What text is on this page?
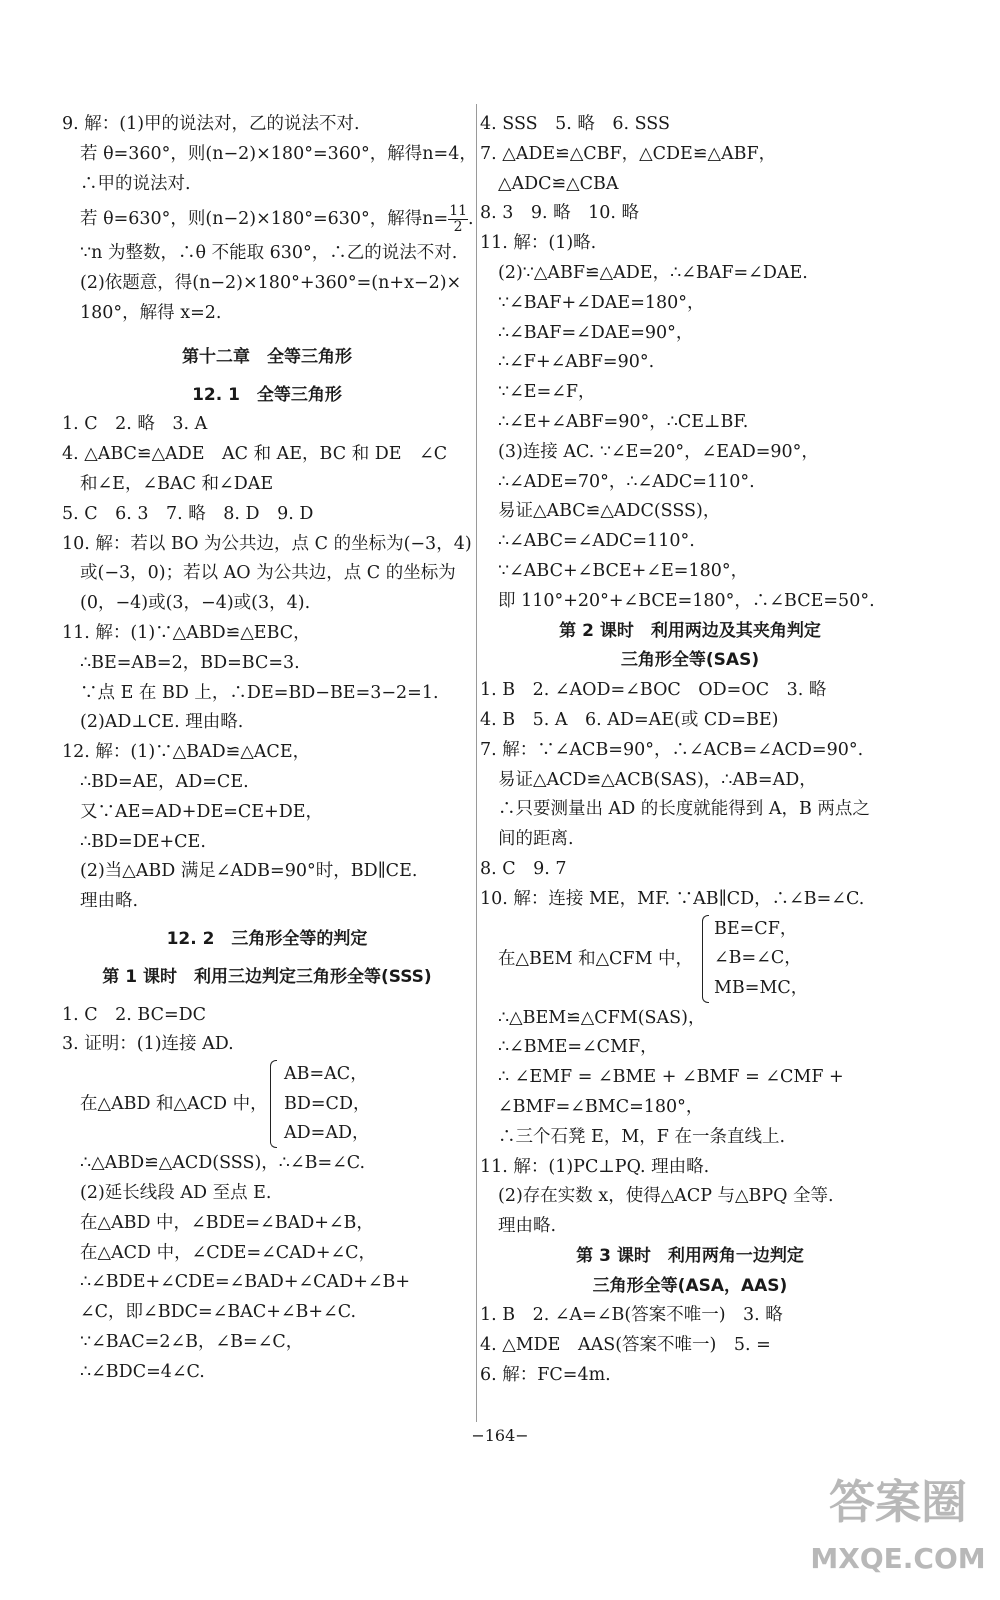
9. 解：(1)甲的说法对，乙的说法不对.
若 θ=360°，则(n−2)×180°=360°，解得n=4，
∴甲的说法对.
若 θ=630°，则(n−2)×180°=630°，解得$n= \frac{11}{2}$ .
∵n 为整数，∴θ 不能取 630°，∴乙的说法不对.
(2)依题意，得(n−2)×180°+360°=(n+x−2)×
180°，解得 x=2.
第十二章　全等三角形
12. 1　全等三角形
1. C　2. 略　3. A
4. △ABC≌△ADE　AC 和 AE，BC 和 DE　∠C
和∠E，∠BAC 和∠DAE
5. C　6. 3　7. 略　8. D　9. D
10. 解：若以 BO 为公共边，点 C 的坐标为(−3，4)
或(−3，0)；若以 AO 为公共边，点 C 的坐标为
(0，−4)或(3，−4)或(3，4).
11. 解：(1)∵△ABD≌△EBC，
∴BE=AB=2，BD=BC=3.
∵点 E 在 BD 上，∴DE=BD−BE=3−2=1.
(2)AD⊥CE. 理由略.
12. 解：(1)∵△BAD≌△ACE，
∴BD=AE，AD=CE.
又∵AE=AD+DE=CE+DE，
∴BD=DE+CE.
(2)当△ABD 满足∠ADB=90°时，BD∥CE.
理由略.
12. 2　三角形全等的判定
第 1 课时　利用三边判定三角形全等(SSS)
1. C　2. BC=DC
3. 证明：(1)连接 AD.
在△ABD 和△ACD 中，
AB=AC，
BD=CD，
AD=AD，
∴△ABD≌△ACD(SSS)，∴∠B=∠C.
(2)延长线段 AD 至点 E.
在△ABD 中，∠BDE=∠BAD+∠B，
在△ACD 中，∠CDE=∠CAD+∠C，
∴∠BDE+∠CDE=∠BAD+∠CAD+∠B+
∠C，即∠BDC=∠BAC+∠B+∠C.
∵∠BAC=2∠B，∠B=∠C，
∴∠BDC=4∠C.
4. SSS　5. 略　6. SSS
7. △ADE≌△CBF，△CDE≌△ABF，
△ADC≌△CBA
8. 3　9. 略　10. 略
11. 解：(1)略.
(2)∵△ABF≌△ADE，∴∠BAF=∠DAE.
∵∠BAF+∠DAE=180°，
∴∠BAF=∠DAE=90°，
∴∠F+∠ABF=90°.
∵∠E=∠F，
∴∠E+∠ABF=90°，∴CE⊥BF.
(3)连接 AC. ∵∠E=20°，∠EAD=90°，
∴∠ADE=70°，∴∠ADC=110°.
易证△ABC≌△ADC(SSS)，
∴∠ABC=∠ADC=110°.
∵∠ABC+∠BCE+∠E=180°，
即 110°+20°+∠BCE=180°，∴∠BCE=50°.
第 2 课时　利用两边及其夹角判定
三角形全等(SAS)
1. B　2. ∠AOD=∠BOC　OD=OC　3. 略
4. B　5. A　6. AD=AE(或 CD=BE)
7. 解：∵∠ACB=90°，∴∠ACB=∠ACD=90°.
易证△ACD≌△ACB(SAS)，∴AB=AD，
∴只要测量出 AD 的长度就能得到 A，B 两点之
间的距离.
8. C　9. 7
10. 解：连接 ME，MF. ∵AB∥CD，∴∠B=∠C.
在△BEM 和△CFM 中，
BE=CF，
∠B=∠C，
MB=MC，
∴△BEM≌△CFM(SAS)，
∴∠BME=∠CMF，
∴ ∠EMF = ∠BME + ∠BMF = ∠CMF +
∠BMF=∠BMC=180°，
∴三个石凳 E，M，F 在一条直线上.
11. 解：(1)PC⊥PQ. 理由略.
(2)存在实数 x，使得△ACP 与△BPQ 全等.
理由略.
第 3 课时　利用两角一边判定
三角形全等(ASA，AAS)
1. B　2. ∠A=∠B(答案不唯一)　3. 略
4. △MDE　AAS(答案不唯一)　5. =
6. 解：FC=4m.
−164−
答案圈
MXQE.COM
